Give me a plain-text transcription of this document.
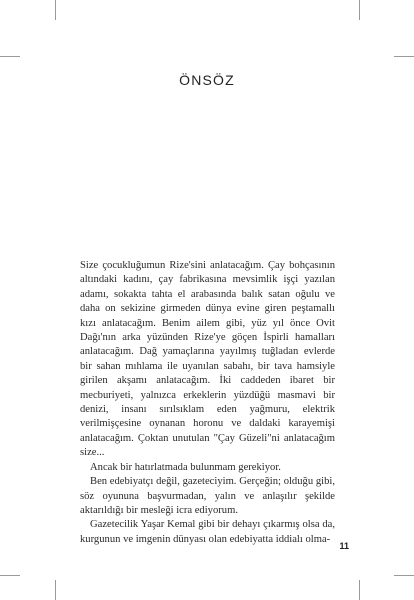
ÖNSÖZ

Size çocukluğumun Rize'sini anlatacağım. Çay bohçasının altındaki kadını, çay fabrikasına mevsimlik işçi yazılan adamı, sokakta tahta el arabasında balık satan oğulu ve daha on sekizine girmeden dünya evine giren peştamallı kızı anlatacağım. Benim ailem gibi, yüz yıl önce Ovit Dağı'nın arka yüzünden Rize'ye göçen İspirli hamalları anlatacağım. Dağ yamaçlarına yayılmış tuğladan evlerde bir sahan mıhlama ile uyanılan sabahı, bir tava hamsiyle girilen akşamı anlatacağım. İki caddeden ibaret bir mecburiyeti, yalnızca erkeklerin yüzdüğü masmavi bir denizi, insanı sırılsıklam eden yağmuru, elektrik verilmişçesine oynanan horonu ve daldaki karayemişi anlatacağım. Çoktan unutulan "Çay Güzeli"ni anlatacağım size...

Ancak bir hatırlatmada bulunmam gerekiyor.

Ben edebiyatçı değil, gazeteciyim. Gerçeğin; olduğu gibi, söz oyununa başvurmadan, yalın ve anlaşılır şekilde aktarıldığı bir mesleği icra ediyorum.

Gazetecilik Yaşar Kemal gibi bir dehayı çıkarmış olsa da, kurgunun ve imgenin dünyası olan edebiyatta iddialı olma-

11
